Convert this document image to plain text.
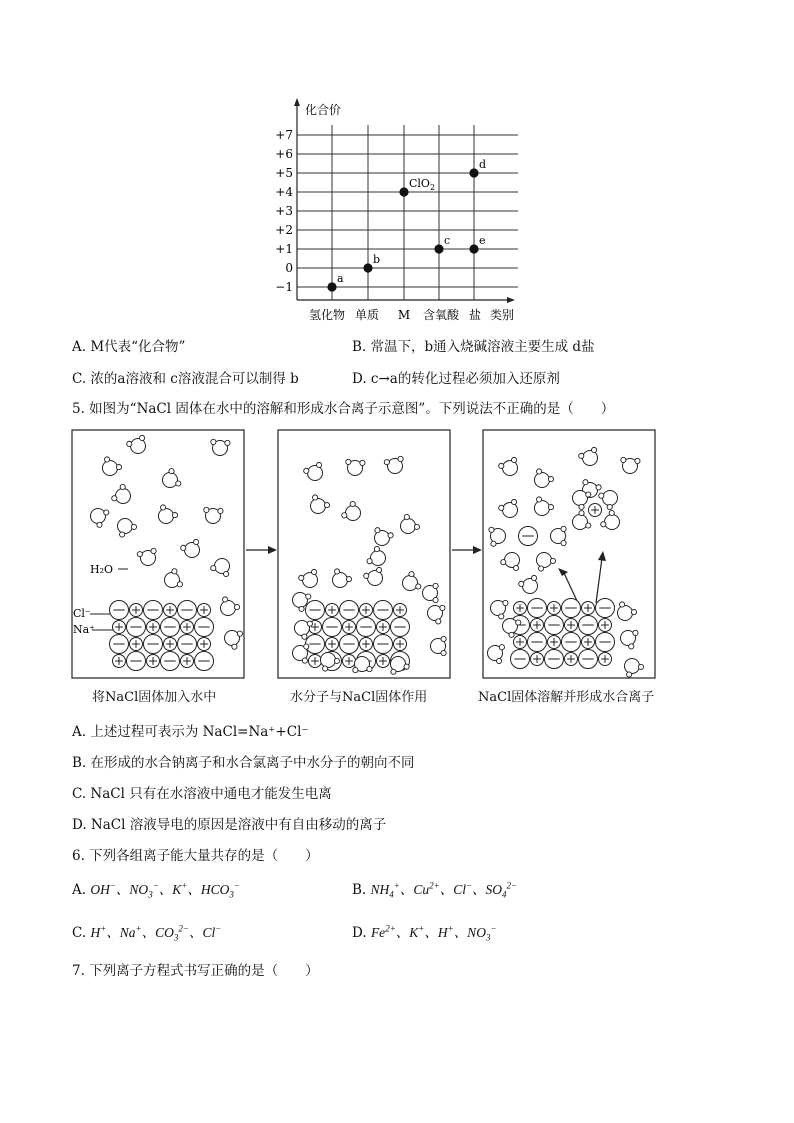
+7
+6
+5
+4
+3
+2
+1
0
−1
氢化物 单质 M 含氧酸 盐
a
b
ClO$_2$
c
d
e
化合价
类别
A. M代表“化合物”	B. 常温下，b通入烧碱溶液主要生成 d盐
C. 浓的a溶液和 c溶液混合可以制得 b	D. c→a的转化过程必须加入还原剂
5. 如图为“NaCl 固体在水中的溶解和形成水合离子示意图”。下列说法不正确的是（　　）
H₂O
Cl⁻
Na⁺
将NaCl固体加入水中	水分子与NaCl固体作用	NaCl固体溶解并形成水合离子
A. 上述过程可表示为 NaCl=Na⁺+Cl⁻
B. 在形成的水合钠离子和水合氯离子中水分子的朝向不同
C. NaCl 只有在水溶液中通电才能发生电离
D. NaCl 溶液导电的原因是溶液中有自由移动的离子
6. 下列各组离子能大量共存的是（　　）
A. OH−、$NO_3^-$、K+、$HCO_3^-$	B. $NH_4^+$、$Cu^{2+}$、Cl−、$SO_4^{2-}$
C. H+、Na+、$CO_3^{2-}$、Cl−	D. $Fe^{2+}$、K+、H+、$NO_3^-$
7. 下列离子方程式书写正确的是（　　）
